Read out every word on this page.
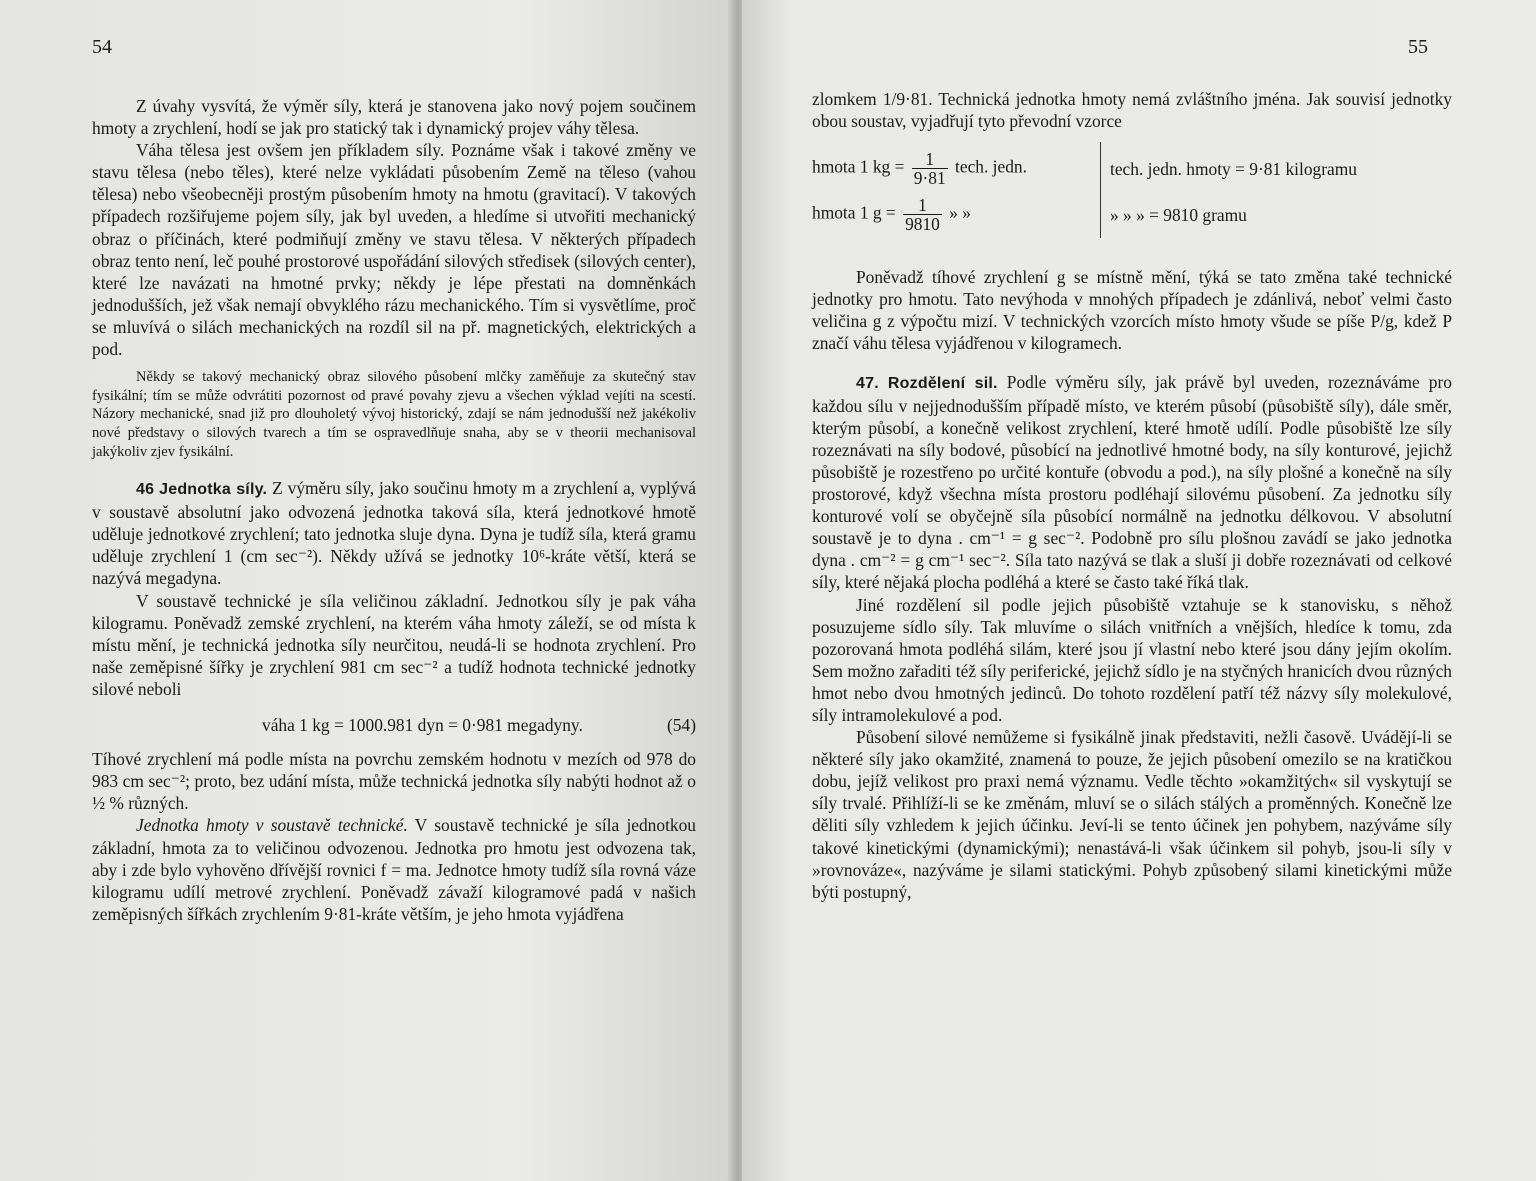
54

Z úvahy vysvítá, že výměr síly, která je stanovena jako nový pojem součinem hmoty a zrychlení, hodí se jak pro statický tak i dynamický projev váhy tělesa.

Váha tělesa jest ovšem jen příkladem síly. Poznáme však i takové změny ve stavu tělesa (nebo těles), které nelze vykládati působením Země na těleso (vahou tělesa) nebo všeobecněji prostým působením hmoty na hmotu (gravitací). V takových případech rozšiřujeme pojem síly, jak byl uveden, a hledíme si utvořiti mechanický obraz o příčinách, které podmiňují změny ve stavu tělesa. V některých případech obraz tento není, leč pouhé prostorové uspořádání silových středisek (silových center), které lze navázati na hmotné prvky; někdy je lépe přestati na domněnkách jednodušších, jež však nemají obvyklého rázu mechanického. Tím si vysvětlíme, proč se mluvívá o silách mechanických na rozdíl sil na př. magnetických, elektrických a pod.

Někdy se takový mechanický obraz silového působení mlčky zaměňuje za skutečný stav fysikální; tím se může odvrátiti pozornost od pravé povahy zjevu a všechen výklad vejíti na scestí. Názory mechanické, snad již pro dlouholetý vývoj historický, zdají se nám jednodušší než jakékoliv nové představy o silových tvarech a tím se ospravedlňuje snaha, aby se v theorii mechanisoval jakýkoliv zjev fysikální.

46 Jednotka síly. Z výměru síly, jako součinu hmoty m a zrychlení a, vyplývá v soustavě absolutní jako odvozená jednotka taková síla, která jednotkové hmotě uděluje jednotkové zrychlení; tato jednotka sluje dyna. Dyna je tudíž síla, která gramu uděluje zrychlení 1 (cm sec⁻²). Někdy užívá se jednotky 10⁶-kráte větší, která se nazývá megadyna.

V soustavě technické je síla veličinou základní. Jednotkou síly je pak váha kilogramu. Poněvadž zemské zrychlení, na kterém váha hmoty záleží, se od místa k místu mění, je technická jednotka síly neurčitou, neudá-li se hodnota zrychlení. Pro naše zeměpisné šířky je zrychlení 981 cm sec⁻² a tudíž hodnota technické jednotky silové neboli

váha 1 kg = 1000.981 dyn = 0·981 megadyny.	(54)

Tíhové zrychlení má podle místa na povrchu zemském hodnotu v mezích od 978 do 983 cm sec⁻²; proto, bez udání místa, může technická jednotka síly nabýti hodnot až o ½ % různých.

Jednotka hmoty v soustavě technické. V soustavě technické je síla jednotkou základní, hmota za to veličinou odvozenou. Jednotka pro hmotu jest odvozena tak, aby i zde bylo vyhověno dřívější rovnici f = ma. Jednotce hmoty tudíž síla rovná váze kilogramu udílí metrové zrychlení. Poněvadž závaží kilogramové padá v našich zeměpisných šířkách zrychlením 9·81-kráte větším, je jeho hmota vyjádřena

55

zlomkem 1/9·81. Technická jednotka hmoty nemá zvláštního jména. Jak souvisí jednotky obou soustav, vyjadřují tyto převodní vzorce

hmota 1 kg = $\frac{1}{9\cdot 81}$ tech. jedn.
hmota 1 $g = \frac{1}{9810}$ » »
tech. jedn. hmoty = 9·81 kilogramu
» » » = 9810 gramu

Poněvadž tíhové zrychlení g se místně mění, týká se tato změna také technické jednotky pro hmotu. Tato nevýhoda v mnohých případech je zdánlivá, neboť velmi často veličina g z výpočtu mizí. V technických vzorcích místo hmoty všude se píše P/g, kdež P značí váhu tělesa vyjádřenou v kilogramech.

47. Rozdělení sil. Podle výměru síly, jak právě byl uveden, rozeznáváme pro každou sílu v nejjednodušším případě místo, ve kterém působí (působiště síly), dále směr, kterým působí, a konečně velikost zrychlení, které hmotě udílí. Podle působiště lze síly rozeznávati na síly bodové, působící na jednotlivé hmotné body, na síly konturové, jejichž působiště je rozestřeno po určité kontuře (obvodu a pod.), na síly plošné a konečně na síly prostorové, když všechna místa prostoru podléhají silovému působení. Za jednotku síly konturové volí se obyčejně síla působící normálně na jednotku délkovou. V absolutní soustavě je to dyna . cm⁻¹ = g sec⁻². Podobně pro sílu plošnou zavádí se jako jednotka dyna . cm⁻² = g cm⁻¹ sec⁻². Síla tato nazývá se tlak a sluší ji dobře rozeznávati od celkové síly, které nějaká plocha podléhá a které se často také říká tlak.

Jiné rozdělení sil podle jejich působiště vztahuje se k stanovisku, s něhož posuzujeme sídlo síly. Tak mluvíme o silách vnitřních a vnějších, hledíce k tomu, zda pozorovaná hmota podléhá silám, které jsou jí vlastní nebo které jsou dány jejím okolím. Sem možno zařaditi též síly periferické, jejichž sídlo je na styčných hranicích dvou různých hmot nebo dvou hmotných jedinců. Do tohoto rozdělení patří též názvy síly molekulové, síly intramolekulové a pod.

Působení silové nemůžeme si fysikálně jinak představiti, nežli časově. Uvádějí-li se některé síly jako okamžité, znamená to pouze, že jejich působení omezilo se na kratičkou dobu, jejíž velikost pro praxi nemá významu. Vedle těchto »okamžitých« sil vyskytují se síly trvalé. Přihlíží-li se ke změnám, mluví se o silách stálých a proměnných. Konečně lze děliti síly vzhledem k jejich účinku. Jeví-li se tento účinek jen pohybem, nazýváme síly takové kinetickými (dynamickými); nenastává-li však účinkem sil pohyb, jsou-li síly v »rovnováze«, nazýváme je silami statickými. Pohyb způsobený silami kinetickými může býti postupný,
